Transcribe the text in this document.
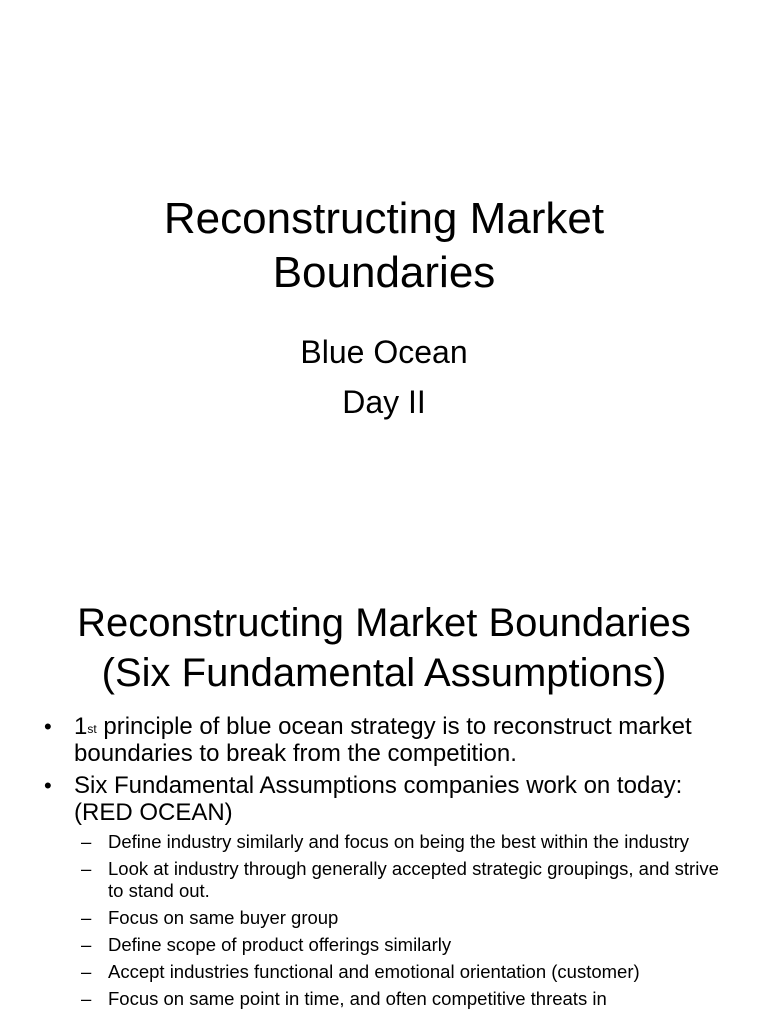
Reconstructing Market
Boundaries
Blue Ocean
Day II
Reconstructing Market Boundaries
(Six Fundamental Assumptions)
• 1st principle of blue ocean strategy is to reconstruct market boundaries to break from the competition.
• Six Fundamental Assumptions companies work on today: (RED OCEAN)
– Define industry similarly and focus on being the best within the industry
– Look at industry through generally accepted strategic groupings, and strive to stand out.
– Focus on same buyer group
– Define scope of product offerings similarly
– Accept industries functional and emotional orientation (customer)
– Focus on same point in time, and often competitive threats in
